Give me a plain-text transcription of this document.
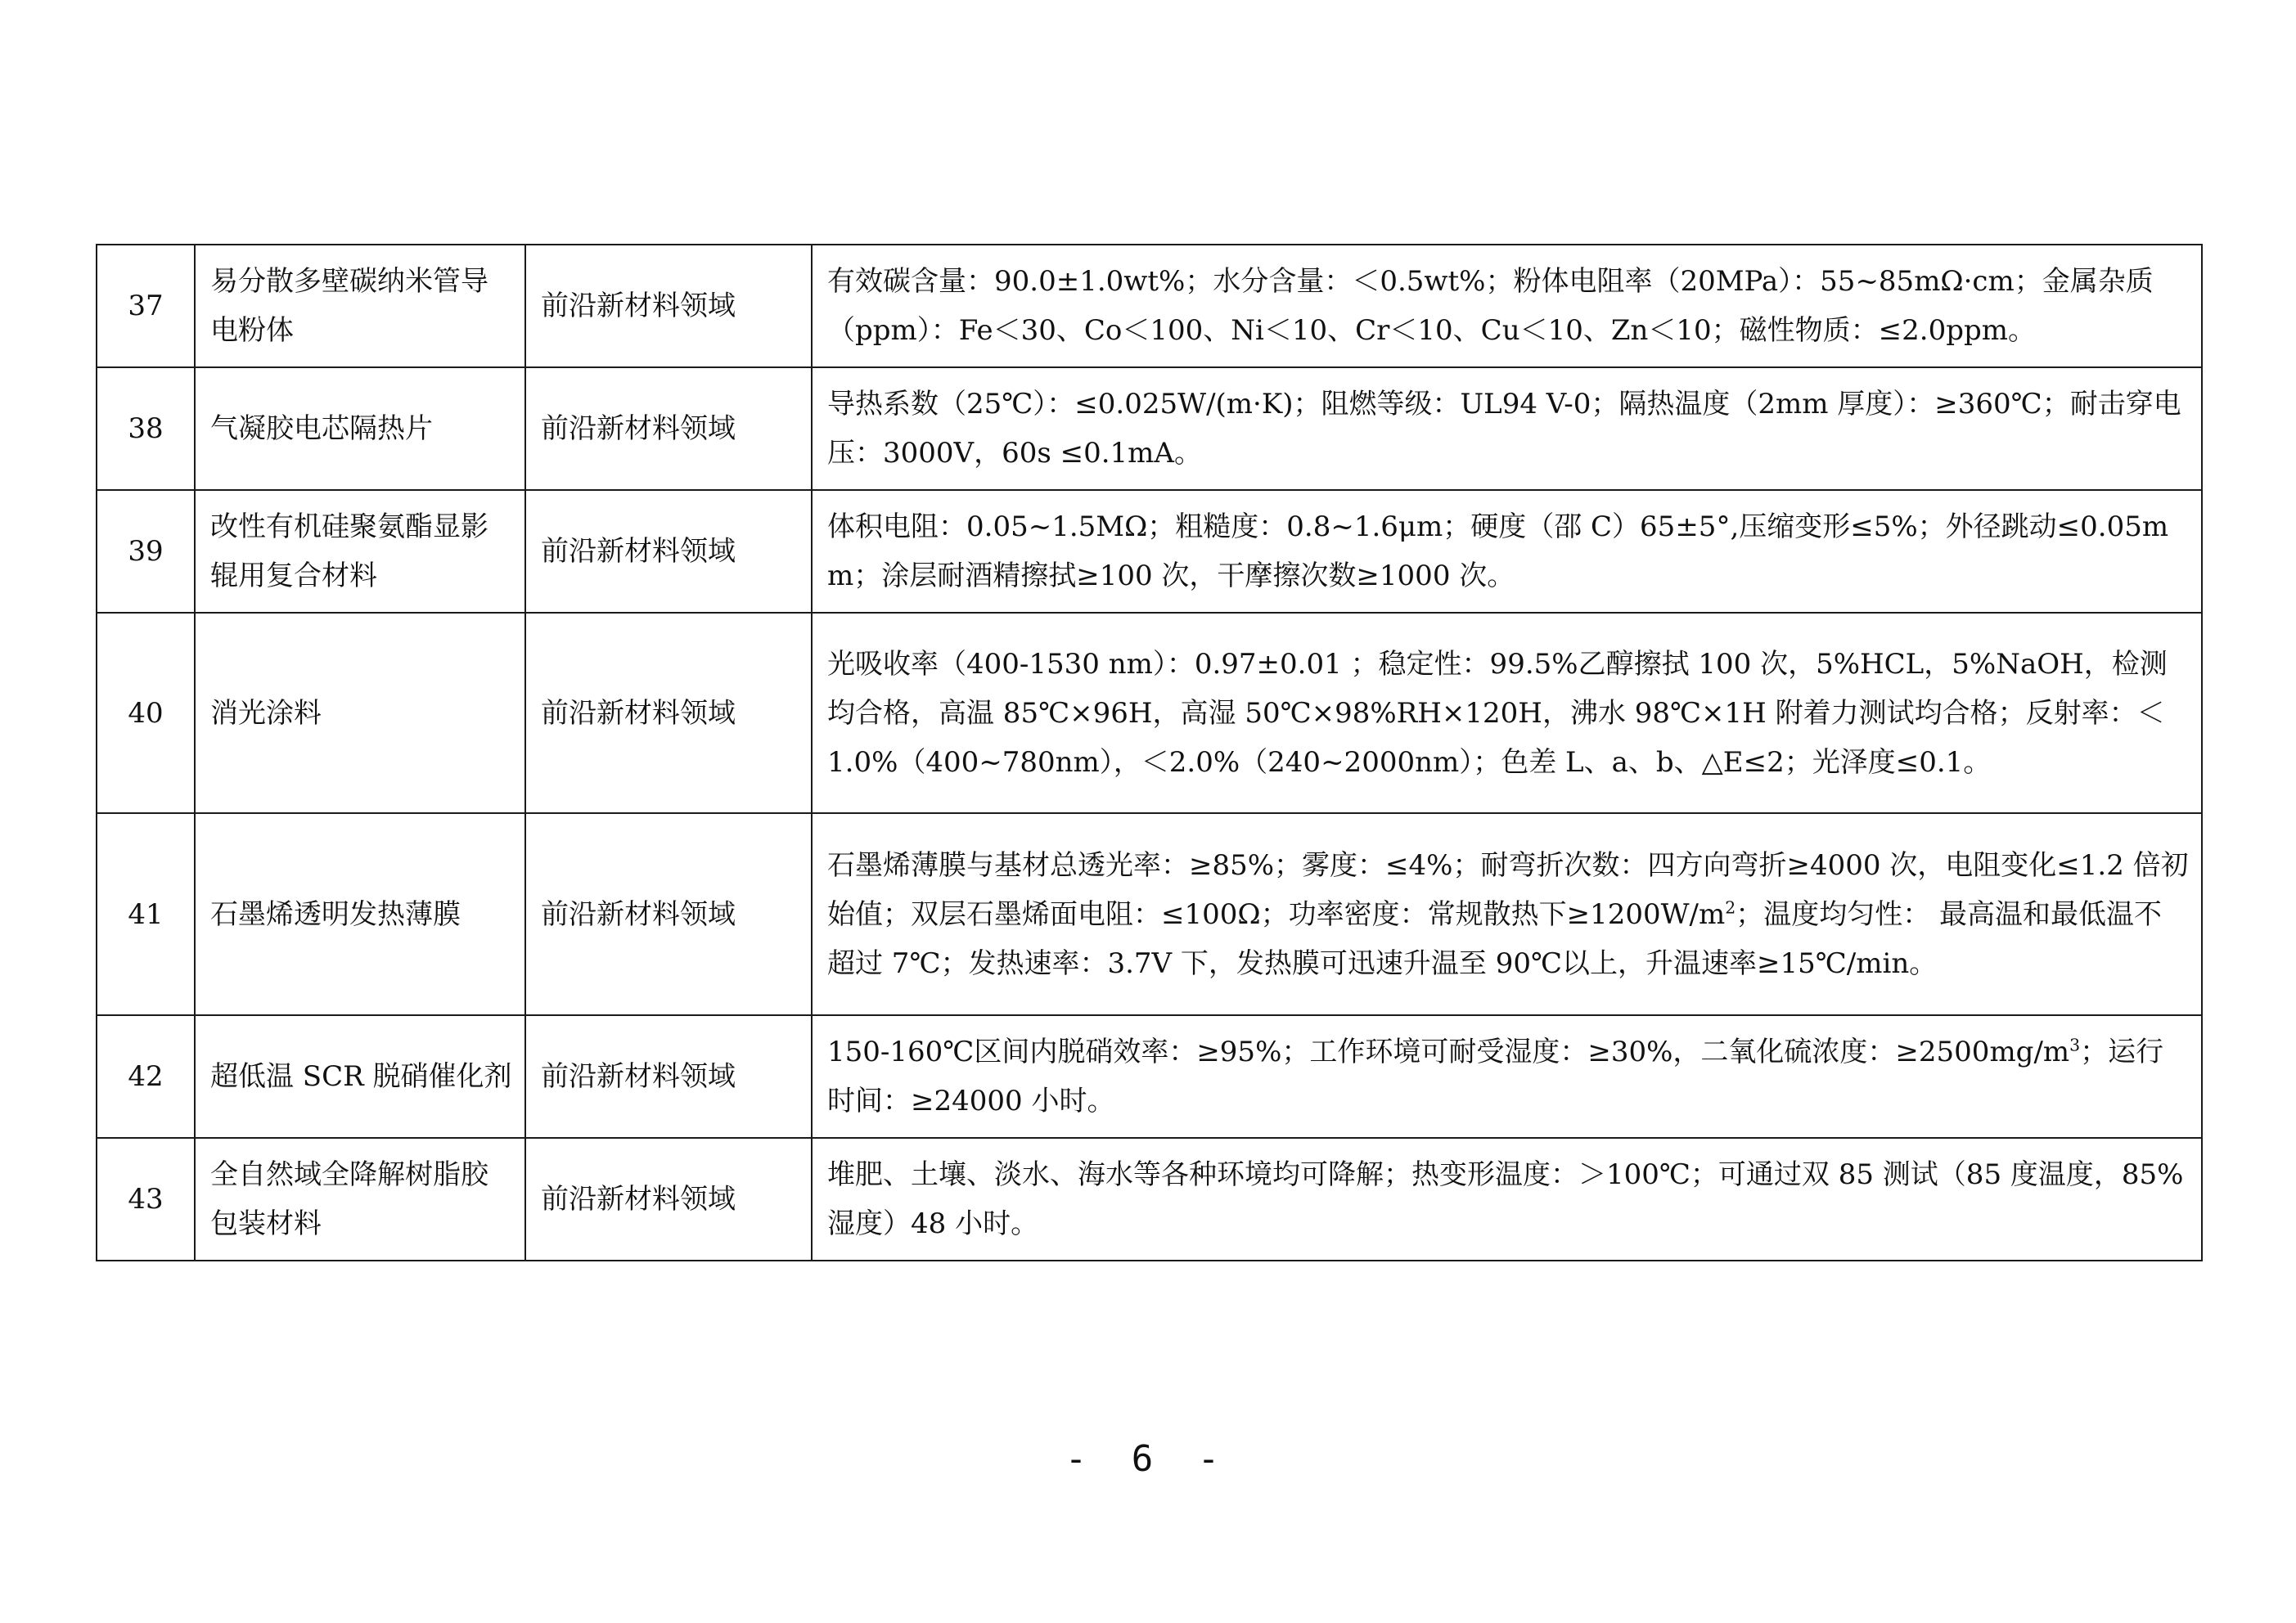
37	易分散多壁碳纳米管导电粉体	前沿新材料领域	有效碳含量：90.0±1.0wt%；水分含量：＜0.5wt%；粉体电阻率（20MPa）：55~85mΩ·cm；金属杂质（ppm）：Fe＜30、Co＜100、Ni＜10、Cr＜10、Cu＜10、Zn＜10；磁性物质：≤2.0ppm。
38	气凝胶电芯隔热片	前沿新材料领域	导热系数（25℃）：≤0.025W/(m·K)；阻燃等级：UL94 V-0；隔热温度（2mm 厚度）：≥360℃；耐击穿电压：3000V，60s ≤0.1mA。
39	改性有机硅聚氨酯显影辊用复合材料	前沿新材料领域	体积电阻：0.05~1.5MΩ；粗糙度：0.8~1.6μm；硬度（邵 C）65±5°,压缩变形≤5%；外径跳动≤0.05mm；涂层耐酒精擦拭≥100 次，干摩擦次数≥1000 次。
40	消光涂料	前沿新材料领域	光吸收率（400-1530 nm）：0.97±0.01 ；稳定性：99.5%乙醇擦拭 100 次，5%HCL，5%NaOH，检测均合格，高温 85℃×96H，高湿 50℃×98%RH×120H，沸水 98℃×1H 附着力测试均合格；反射率：＜1.0%（400~780nm），＜2.0%（240~2000nm）；色差 L、a、b、△E≤2；光泽度≤0.1。
41	石墨烯透明发热薄膜	前沿新材料领域	石墨烯薄膜与基材总透光率：≥85%；雾度：≤4%；耐弯折次数：四方向弯折≥4000 次，电阻变化≤1.2 倍初始值；双层石墨烯面电阻：≤100Ω；功率密度：常规散热下$\ge 1200W/m^2$；温度均匀性： 最高温和最低温不超过 7℃；发热速率：3.7V 下，发热膜可迅速升温至 90℃以上，升温速率≥15℃/min。
42	超低温 SCR 脱硝催化剂	前沿新材料领域	150-160℃区间内脱硝效率：≥95%；工作环境可耐受湿度：≥30%，二氧化硫浓度：$\ge 2500mg/m^3$；运行时间：≥24000 小时。
43	全自然域全降解树脂胶包装材料	前沿新材料领域	堆肥、土壤、淡水、海水等各种环境均可降解；热变形温度：＞100℃；可通过双 85 测试（85 度温度，85%湿度）48 小时。
- 6 -
